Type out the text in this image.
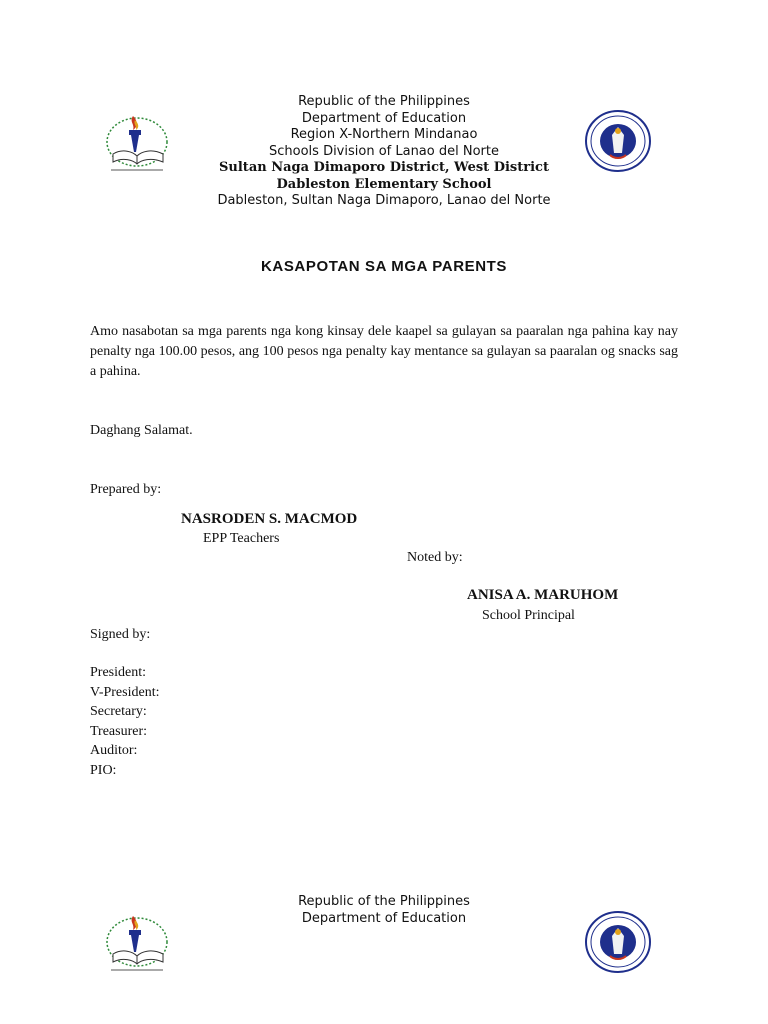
Republic of the Philippines
Department of Education
Region X-Northern Mindanao
Schools Division of Lanao del Norte
Sultan Naga Dimaporo District, West District
Dableston Elementary School
Dableston, Sultan Naga Dimaporo, Lanao del Norte
KASAPOTAN SA MGA PARENTS
Amo nasabotan sa mga parents nga kong kinsay dele kaapel sa gulayan sa paaralan nga pahina kay nay penalty nga 100.00 pesos, ang 100 pesos nga penalty kay mentance sa gulayan sa paaralan og snacks sag a pahina.
Daghang Salamat.
Prepared by:
NASRODEN S. MACMOD
EPP Teachers
Noted by:
ANISA A. MARUHOM
School Principal
Signed by:
President:
V-President:
Secretary:
Treasurer:
Auditor:
PIO:
Republic of the Philippines
Department of Education
